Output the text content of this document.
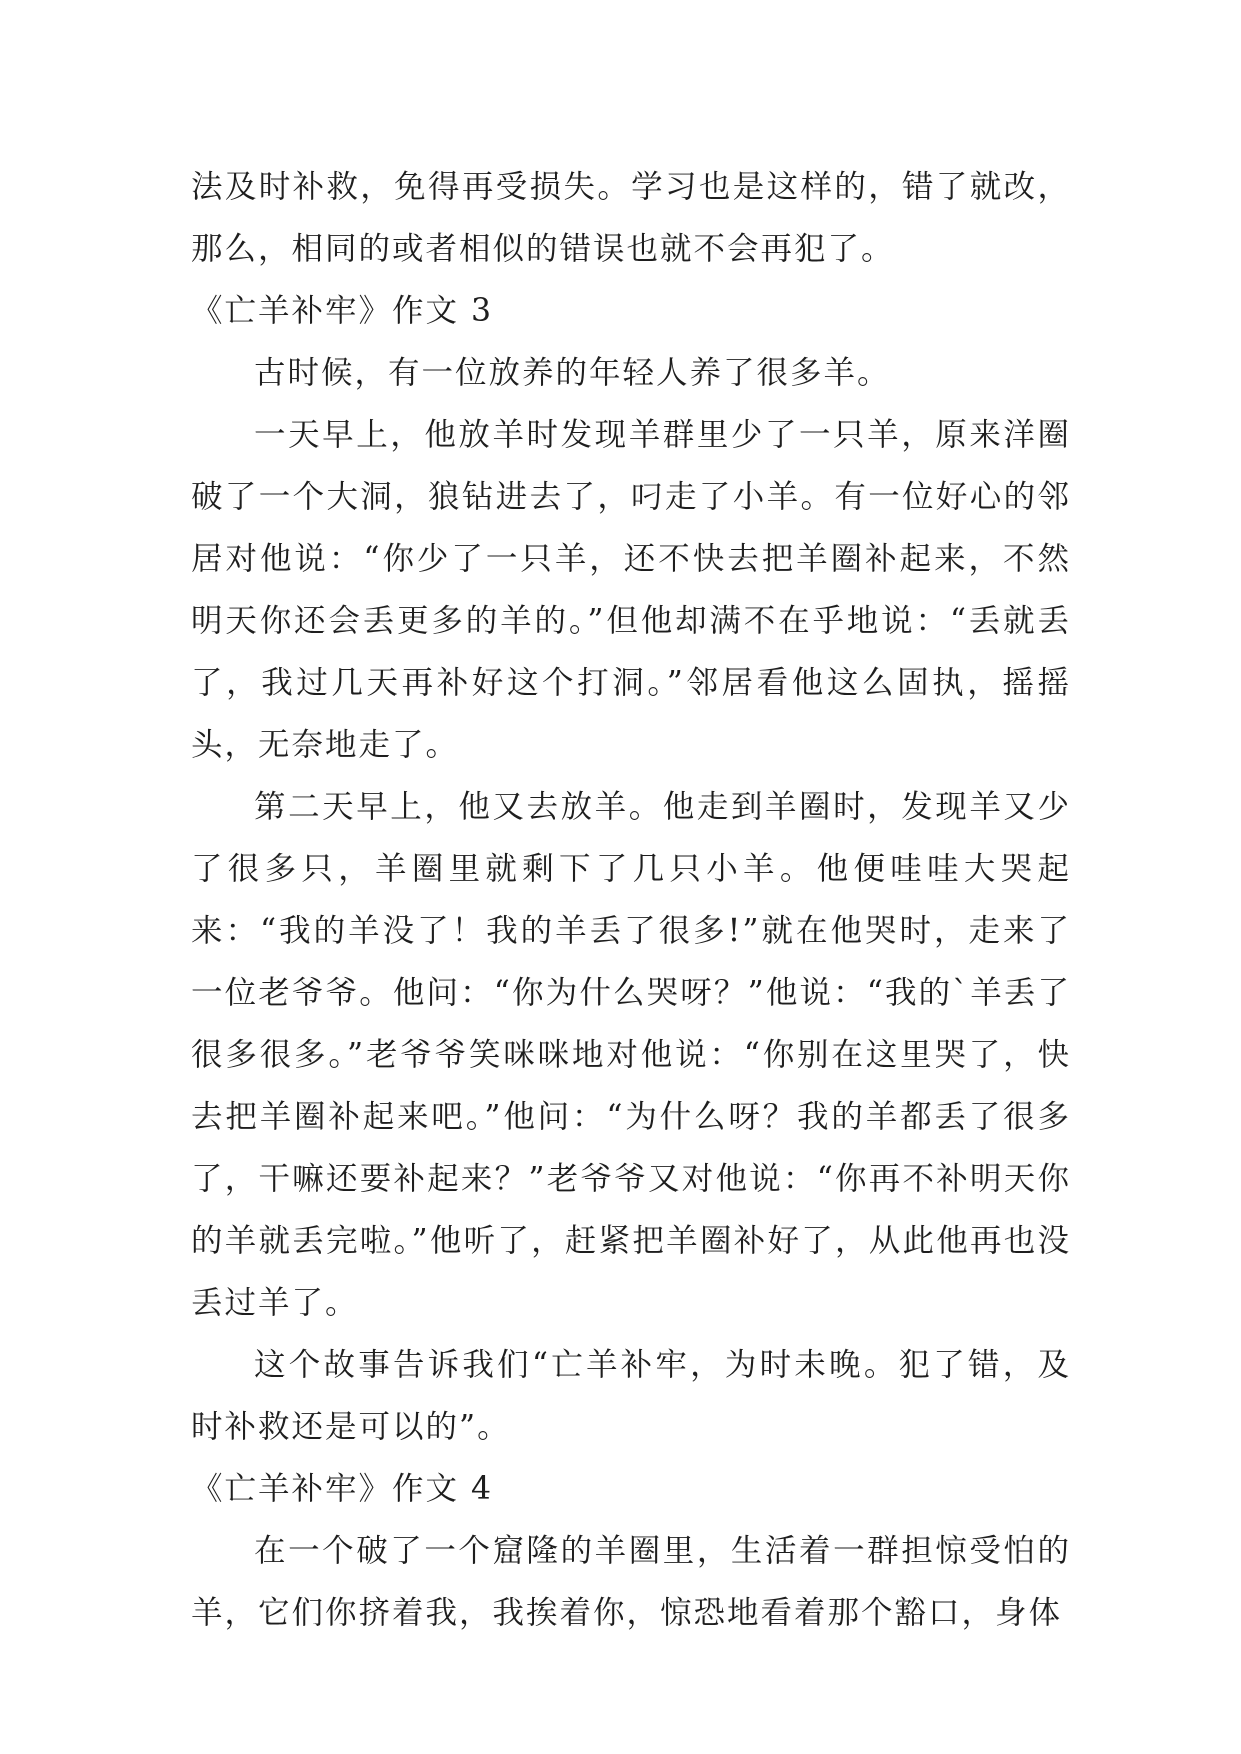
法及时补救，免得再受损失。学习也是这样的，错了就改，那么，相同的或者相似的错误也就不会再犯了。

《亡羊补牢》作文 3

古时候，有一位放养的年轻人养了很多羊。

一天早上，他放羊时发现羊群里少了一只羊，原来洋圈破了一个大洞，狼钻进去了，叼走了小羊。有一位好心的邻居对他说：“你少了一只羊，还不快去把羊圈补起来，不然明天你还会丢更多的羊的。”但他却满不在乎地说：“丢就丢了，我过几天再补好这个打洞。”邻居看他这么固执，摇摇头，无奈地走了。

第二天早上，他又去放羊。他走到羊圈时，发现羊又少了很多只，羊圈里就剩下了几只小羊。他便哇哇大哭起来：“我的羊没了！我的羊丢了很多!”就在他哭时，走来了一位老爷爷。他问：“你为什么哭呀？”他说：“我的`羊丢了很多很多。”老爷爷笑咪咪地对他说：“你别在这里哭了，快去把羊圈补起来吧。”他问：“为什么呀？我的羊都丢了很多了，干嘛还要补起来？”老爷爷又对他说：“你再不补明天你的羊就丢完啦。”他听了，赶紧把羊圈补好了，从此他再也没丢过羊了。

这个故事告诉我们“亡羊补牢，为时未晚。犯了错，及时补救还是可以的”。

《亡羊补牢》作文 4

在一个破了一个窟隆的羊圈里，生活着一群担惊受怕的羊，它们你挤着我，我挨着你，惊恐地看着那个豁口，身体
